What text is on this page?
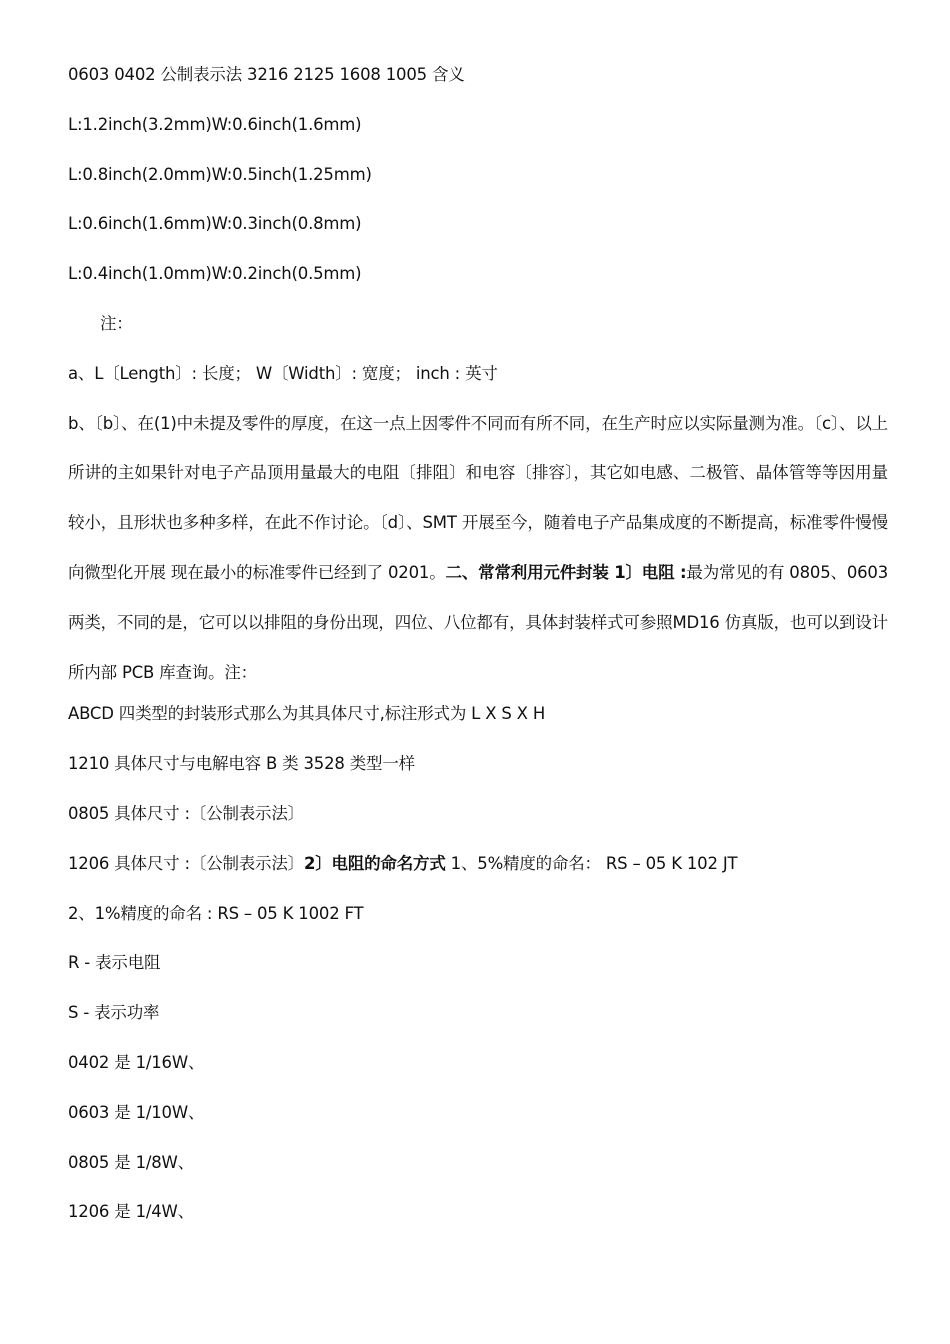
0603 0402 公制表示法 3216 2125 1608 1005 含义
L:1.2inch(3.2mm)W:0.6inch(1.6mm)
L:0.8inch(2.0mm)W:0.5inch(1.25mm)
L:0.6inch(1.6mm)W:0.3inch(0.8mm)
L:0.4inch(1.0mm)W:0.2inch(0.5mm)
注：
a、L〔Length〕: 长度； W〔Width〕: 宽度； inch : 英寸
b、〔b〕、在(1)中未提及零件的厚度，在这一点上因零件不同而有所不同，在生产时应以实际量测为准。〔c〕、以上所讲的主如果针对电子产品顶用量最大的电阻〔排阻〕和电容〔排容〕，其它如电感、二极管、晶体管等等因用量较小，且形状也多种多样，在此不作讨论。〔d〕、SMT 开展至今，随着电子产品集成度的不断提高，标准零件慢慢向微型化开展 现在最小的标准零件已经到了 0201。二、常常利用元件封装 1〕电阻 :最为常见的有 0805、0603 两类，不同的是，它可以以排阻的身份出现，四位、八位都有，具体封装样式可参照MD16 仿真版，也可以到设计所内部 PCB 库查询。注：
ABCD 四类型的封装形式那么为其具体尺寸,标注形式为 L X S X H
1210 具体尺寸与电解电容 B 类 3528 类型一样
0805 具体尺寸 :〔公制表示法〕
1206 具体尺寸 :〔公制表示法〕2〕电阻的命名方式 1、5%精度的命名： RS – 05 K 102 JT
2、1%精度的命名 : RS – 05 K 1002 FT
R - 表示电阻
S - 表示功率
0402 是 1/16W、
0603 是 1/10W、
0805 是 1/8W、
1206 是 1/4W、
